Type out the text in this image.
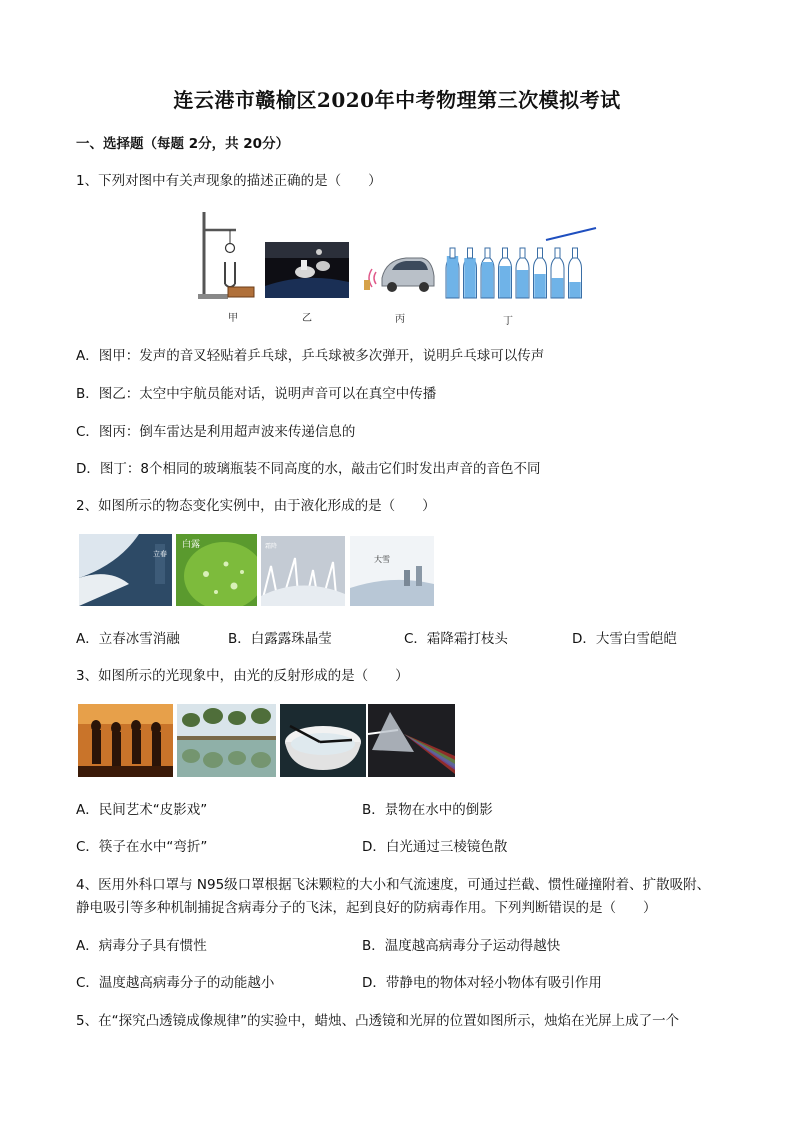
连云港市赣榆区2020年中考物理第三次模拟考试
一、选择题（每题 2分，共 20分）
1、下列对图中有关声现象的描述正确的是（　　）
甲	乙	丙	丁
A．图甲：发声的音叉轻贴着乒乓球，乒乓球被多次弹开，说明乒乓球可以传声
B．图乙：太空中宇航员能对话，说明声音可以在真空中传播
C．图丙：倒车雷达是利用超声波来传递信息的
D．图丁：8个相同的玻璃瓶装不同高度的水，敲击它们时发出声音的音色不同
2、如图所示的物态变化实例中，由于液化形成的是（　　）
立春
白露	霜降
大雪
A．立春冰雪消融	B．白露露珠晶莹	C．霜降霜打枝头	D．大雪白雪皑皑
3、如图所示的光现象中，由光的反射形成的是（　　）
A．民间艺术“皮影戏”	B．景物在水中的倒影
C．筷子在水中“弯折”	D．白光通过三棱镜色散
4、医用外科口罩与 N95级口罩根据飞沫颗粒的大小和气流速度，可通过拦截、惯性碰撞附着、扩散吸附、
静电吸引等多种机制捕捉含病毒分子的飞沫，起到良好的防病毒作用。下列判断错误的是（　　）
A．病毒分子具有惯性	B．温度越高病毒分子运动得越快
C．温度越高病毒分子的动能越小	D．带静电的物体对轻小物体有吸引作用
5、在“探究凸透镜成像规律”的实验中，蜡烛、凸透镜和光屏的位置如图所示，烛焰在光屏上成了一个
